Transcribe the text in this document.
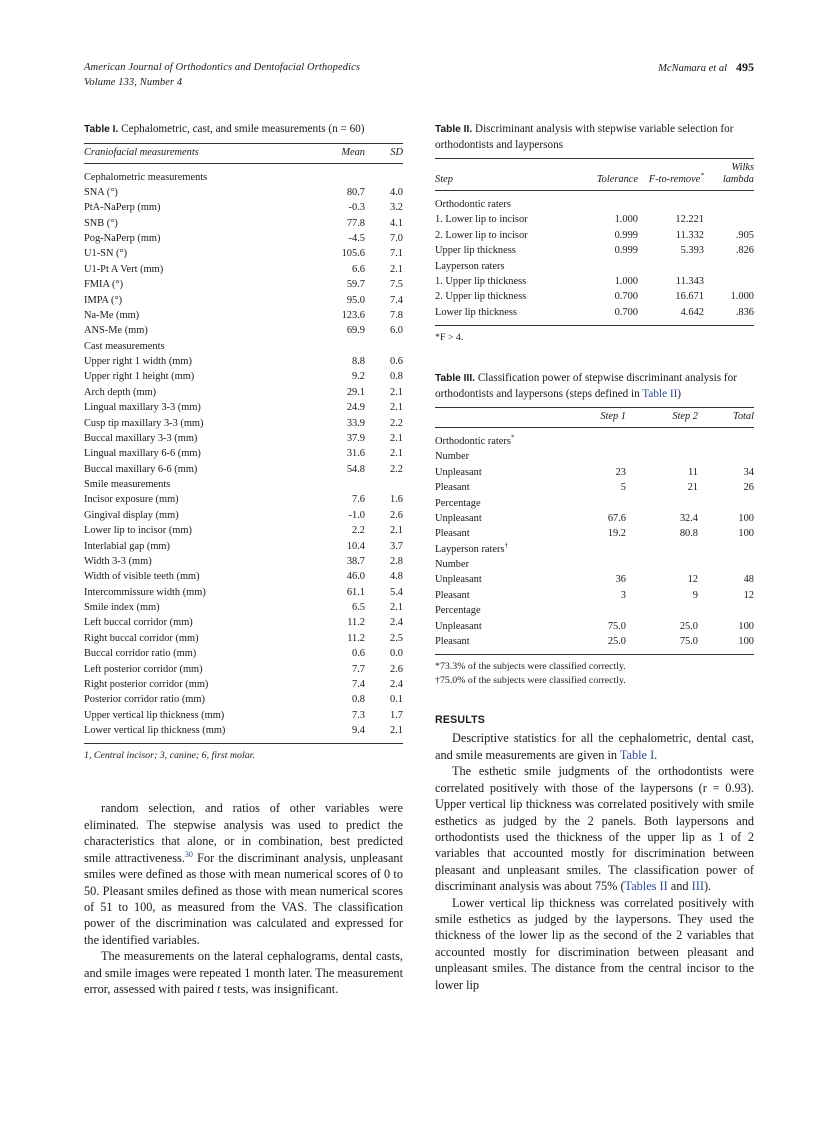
American Journal of Orthodontics and Dentofacial Orthopedics
Volume 133, Number 4
McNamara et al 495
Table I. Cephalometric, cast, and smile measurements (n = 60)
Craniofacial measurements	Mean	SD
Cephalometric measurements		
SNA (°)	80.7	4.0
PtA-NaPerp (mm)	-0.3	3.2
SNB (°)	77.8	4.1
Pog-NaPerp (mm)	-4.5	7.0
U1-SN (°)	105.6	7.1
U1-Pt A Vert (mm)	6.6	2.1
FMIA (°)	59.7	7.5
IMPA (°)	95.0	7.4
Na-Me (mm)	123.6	7.8
ANS-Me (mm)	69.9	6.0
Cast measurements		
Upper right 1 width (mm)	8.8	0.6
Upper right 1 height (mm)	9.2	0.8
Arch depth (mm)	29.1	2.1
Lingual maxillary 3-3 (mm)	24.9	2.1
Cusp tip maxillary 3-3 (mm)	33.9	2.2
Buccal maxillary 3-3 (mm)	37.9	2.1
Lingual maxillary 6-6 (mm)	31.6	2.1
Buccal maxillary 6-6 (mm)	54.8	2.2
Smile measurements		
Incisor exposure (mm)	7.6	1.6
Gingival display (mm)	-1.0	2.6
Lower lip to incisor (mm)	2.2	2.1
Interlabial gap (mm)	10.4	3.7
Width 3-3 (mm)	38.7	2.8
Width of visible teeth (mm)	46.0	4.8
Intercommissure width (mm)	61.1	5.4
Smile index (mm)	6.5	2.1
Left buccal corridor (mm)	11.2	2.4
Right buccal corridor (mm)	11.2	2.5
Buccal corridor ratio (mm)	0.6	0.0
Left posterior corridor (mm)	7.7	2.6
Right posterior corridor (mm)	7.4	2.4
Posterior corridor ratio (mm)	0.8	0.1
Upper vertical lip thickness (mm)	7.3	1.7
Lower vertical lip thickness (mm)	9.4	2.1
1, Central incisor; 3, canine; 6, first molar.

random selection, and ratios of other variables were eliminated. The stepwise analysis was used to predict the characteristics that alone, or in combination, best predicted smile attractiveness.$^{30}$ For the discriminant analysis, unpleasant smiles were defined as those with mean numerical scores of 0 to 50. Pleasant smiles defined as those with mean numerical scores of 51 to 100, as measured from the VAS. The classification power of the discrimination was calculated and expressed for the identified variables.

The measurements on the lateral cephalograms, dental casts, and smile images were repeated 1 month later. The measurement error, assessed with paired t tests, was insignificant.

Table II. Discriminant analysis with stepwise variable selection for orthodontists and laypersons
Step	Tolerance	F-to-remove*	Wilks
lambda
Orthodontic raters			
1. Lower lip to incisor	1.000	12.221	
2. Lower lip to incisor	0.999	11.332	.905
Upper lip thickness	0.999	5.393	.826
Layperson raters			
1. Upper lip thickness	1.000	11.343	
2. Upper lip thickness	0.700	16.671	1.000
Lower lip thickness	0.700	4.642	.836
*F > 4.
Table III. Classification power of stepwise discriminant analysis for orthodontists and laypersons (steps defined in Table II)
	Step 1	Step 2	Total
Orthodontic raters*			
Number			
Unpleasant	23	11	34
Pleasant	5	21	26
Percentage			
Unpleasant	67.6	32.4	100
Pleasant	19.2	80.8	100
Layperson raters†			
Number			
Unpleasant	36	12	48
Pleasant	3	9	12
Percentage			
Unpleasant	75.0	25.0	100
Pleasant	25.0	75.0	100
*73.3% of the subjects were classified correctly.
†75.0% of the subjects were classified correctly.
RESULTS

Descriptive statistics for all the cephalometric, dental cast, and smile measurements are given in Table I.

The esthetic smile judgments of the orthodontists were correlated positively with those of the laypersons (r = 0.93). Upper vertical lip thickness was correlated positively with smile esthetics as judged by the 2 panels. Both laypersons and orthodontists used the thickness of the upper lip as 1 of 2 variables that accounted mostly for discrimination between pleasant and unpleasant smiles. The classification power of discriminant analysis was about 75% (Tables II and III).

Lower vertical lip thickness was correlated positively with smile esthetics as judged by the laypersons. They used the thickness of the lower lip as the second of the 2 variables that accounted mostly for discrimination between pleasant and unpleasant smiles. The distance from the central incisor to the lower lip
